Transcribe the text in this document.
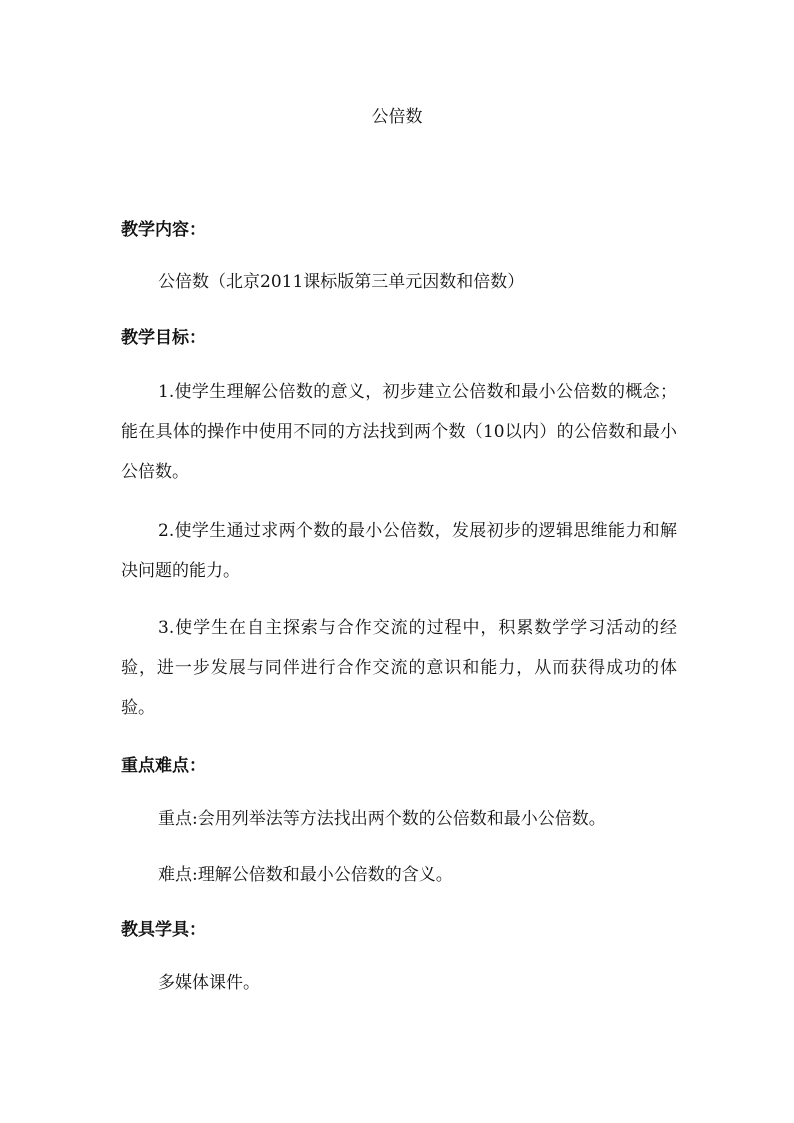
公倍数
教学内容：
公倍数（北京2011课标版第三单元因数和倍数）
教学目标：
1.使学生理解公倍数的意义，初步建立公倍数和最小公倍数的概念；能在具体的操作中使用不同的方法找到两个数（10以内）的公倍数和最小公倍数。
2.使学生通过求两个数的最小公倍数，发展初步的逻辑思维能力和解决问题的能力。
3.使学生在自主探索与合作交流的过程中，积累数学学习活动的经验，进一步发展与同伴进行合作交流的意识和能力，从而获得成功的体验。
重点难点：
重点:会用列举法等方法找出两个数的公倍数和最小公倍数。
难点:理解公倍数和最小公倍数的含义。
教具学具：
多媒体课件。
